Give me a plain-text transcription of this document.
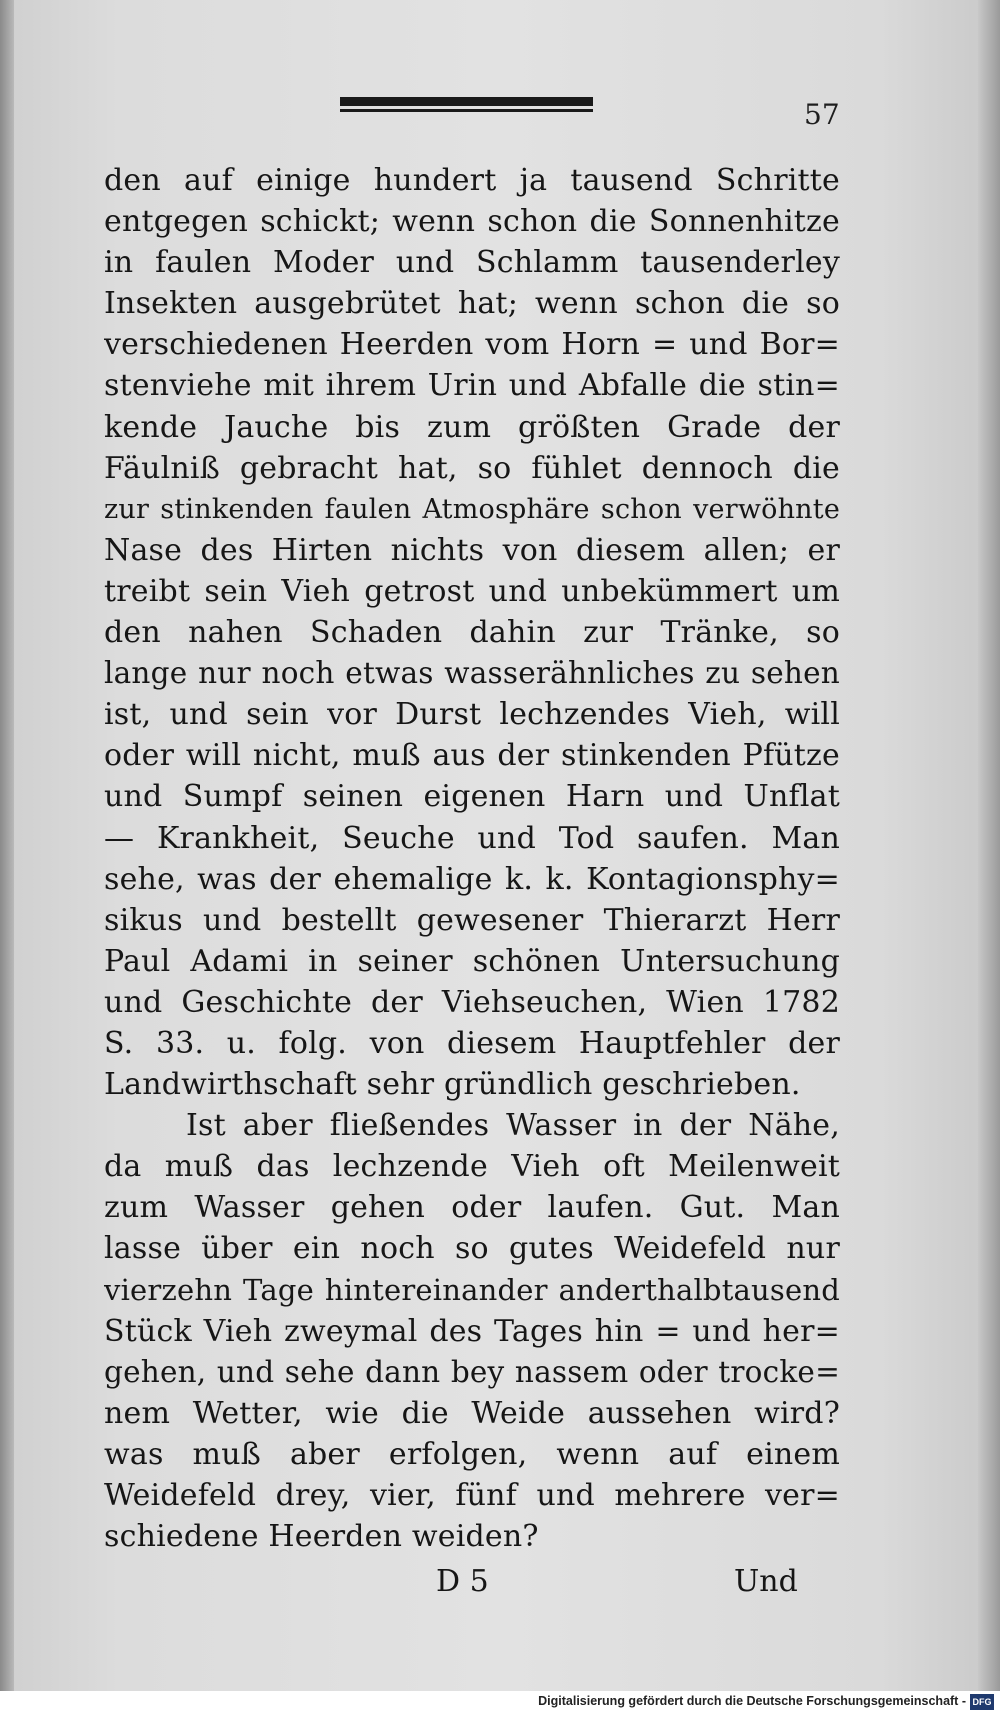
57
den auf einige hundert ja tausend Schritte
entgegen schickt; wenn schon die Sonnenhitze
in faulen Moder und Schlamm tausenderley
Insekten ausgebrütet hat; wenn schon die so
verschiedenen Heerden vom Horn = und Bor=
stenviehe mit ihrem Urin und Abfalle die stin=
kende Jauche bis zum größten Grade der
Fäulniß gebracht hat, so fühlet dennoch die
zur stinkenden faulen Atmosphäre schon verwöhnte
Nase des Hirten nichts von diesem allen; er
treibt sein Vieh getrost und unbekümmert um
den nahen Schaden dahin zur Tränke, so
lange nur noch etwas wasserähnliches zu sehen
ist, und sein vor Durst lechzendes Vieh, will
oder will nicht, muß aus der stinkenden Pfütze
und Sumpf seinen eigenen Harn und Unflat
— Krankheit, Seuche und Tod saufen. Man
sehe, was der ehemalige k. k. Kontagionsphy=
sikus und bestellt gewesener Thierarzt Herr
Paul Adami in seiner schönen Untersuchung
und Geschichte der Viehseuchen, Wien 1782
S. 33. u. folg. von diesem Hauptfehler der
Landwirthschaft sehr gründlich geschrieben.
Ist aber fließendes Wasser in der Nähe,
da muß das lechzende Vieh oft Meilenweit
zum Wasser gehen oder laufen. Gut. Man
lasse über ein noch so gutes Weidefeld nur
vierzehn Tage hintereinander anderthalbtausend
Stück Vieh zweymal des Tages hin = und her=
gehen, und sehe dann bey nassem oder trocke=
nem Wetter, wie die Weide aussehen wird?
was muß aber erfolgen, wenn auf einem
Weidefeld drey, vier, fünf und mehrere ver=
schiedene Heerden weiden?
D 5	Und
Digitalisierung gefördert durch die Deutsche Forschungsgemeinschaft - DFG
